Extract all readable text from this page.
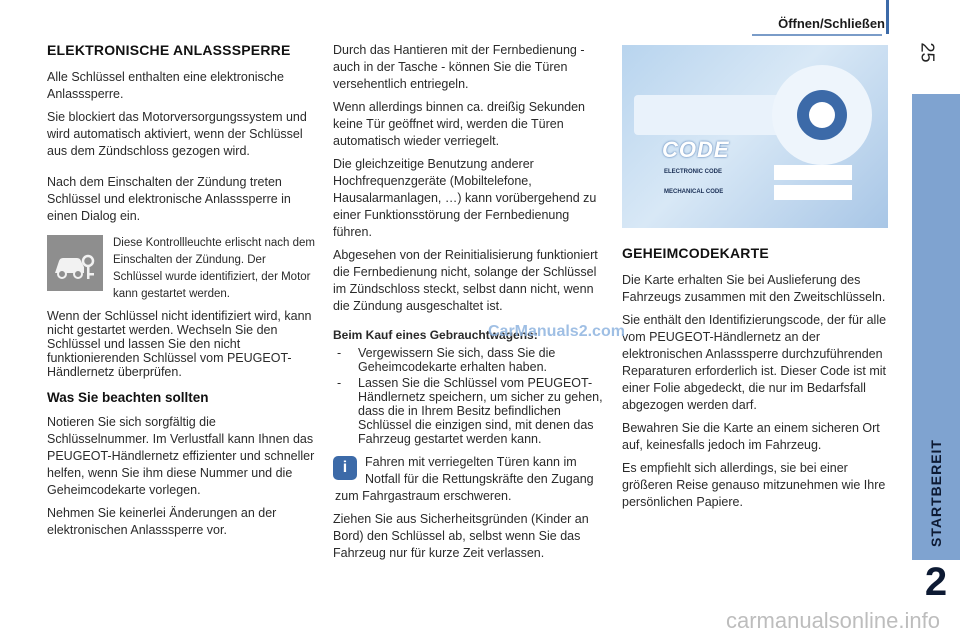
Öffnen/Schließen
25
STARTBEREIT
2
ELEKTRONISCHE ANLASSSPERRE

Alle Schlüssel enthalten eine elektronische Anlasssperre.

Sie blockiert das Motorversorgungssystem und wird automatisch aktiviert, wenn der Schlüssel aus dem Zündschloss gezogen wird.

Nach dem Einschalten der Zündung treten Schlüssel und elektronische Anlasssperre in einen Dialog ein.

Diese Kontrollleuchte erlischt nach dem Einschalten der Zündung. Der Schlüssel wurde identifiziert, der Motor kann gestartet werden.

Wenn der Schlüssel nicht identifiziert wird, kann nicht gestartet werden. Wechseln Sie den Schlüssel und lassen Sie den nicht funktionierenden Schlüssel vom PEUGEOT-Händlernetz überprüfen.

Was Sie beachten sollten

Notieren Sie sich sorgfältig die Schlüsselnummer. Im Verlustfall kann Ihnen das PEUGEOT-Händlernetz effizienter und schneller helfen, wenn Sie ihm diese Nummer und die Geheimcodekarte vorlegen.

Nehmen Sie keinerlei Änderungen an der elektronischen Anlasssperre vor.

Durch das Hantieren mit der Fernbedienung - auch in der Tasche - können Sie die Türen versehentlich entriegeln.

Wenn allerdings binnen ca. dreißig Sekunden keine Tür geöffnet wird, werden die Türen automatisch wieder verriegelt.

Die gleichzeitige Benutzung anderer Hochfrequenzgeräte (Mobiltelefone, Hausalarmanlagen, …) kann vorübergehend zu einer Funktionsstörung der Fernbedienung führen.

Abgesehen von der Reinitialisierung funktioniert die Fernbedienung nicht, solange der Schlüssel im Zündschloss steckt, selbst dann nicht, wenn die Zündung ausgeschaltet ist.

Beim Kauf eines Gebrauchtwagens:
- Vergewissern Sie sich, dass Sie die Geheimcodekarte erhalten haben.
- Lassen Sie die Schlüssel vom PEUGEOT-Händlernetz speichern, um sicher zu gehen, dass die in Ihrem Besitz befindlichen Schlüssel die einzigen sind, mit denen das Fahrzeug gestartet werden kann.
i	Fahren mit verriegelten Türen kann im Notfall für die Rettungskräfte den Zugang zum Fahrgastraum erschweren.

Ziehen Sie aus Sicherheitsgründen (Kinder an Bord) den Schlüssel ab, selbst wenn Sie das Fahrzeug nur für kurze Zeit verlassen.

CODE
ELECTRONIC CODE
MECHANICAL CODE
GEHEIMCODEKARTE

Die Karte erhalten Sie bei Auslieferung des Fahrzeugs zusammen mit den Zweitschlüsseln.

Sie enthält den Identifizierungscode, der für alle vom PEUGEOT-Händlernetz an der elektronischen Anlasssperre durchzuführenden Reparaturen erforderlich ist. Dieser Code ist mit einer Folie abgedeckt, die nur im Bedarfsfall abgezogen werden darf.

Bewahren Sie die Karte an einem sicheren Ort auf, keinesfalls jedoch im Fahrzeug.

Es empfiehlt sich allerdings, sie bei einer größeren Reise genauso mitzunehmen wie Ihre persönlichen Papiere.

CarManuals2.com
carmanualsonline.info
